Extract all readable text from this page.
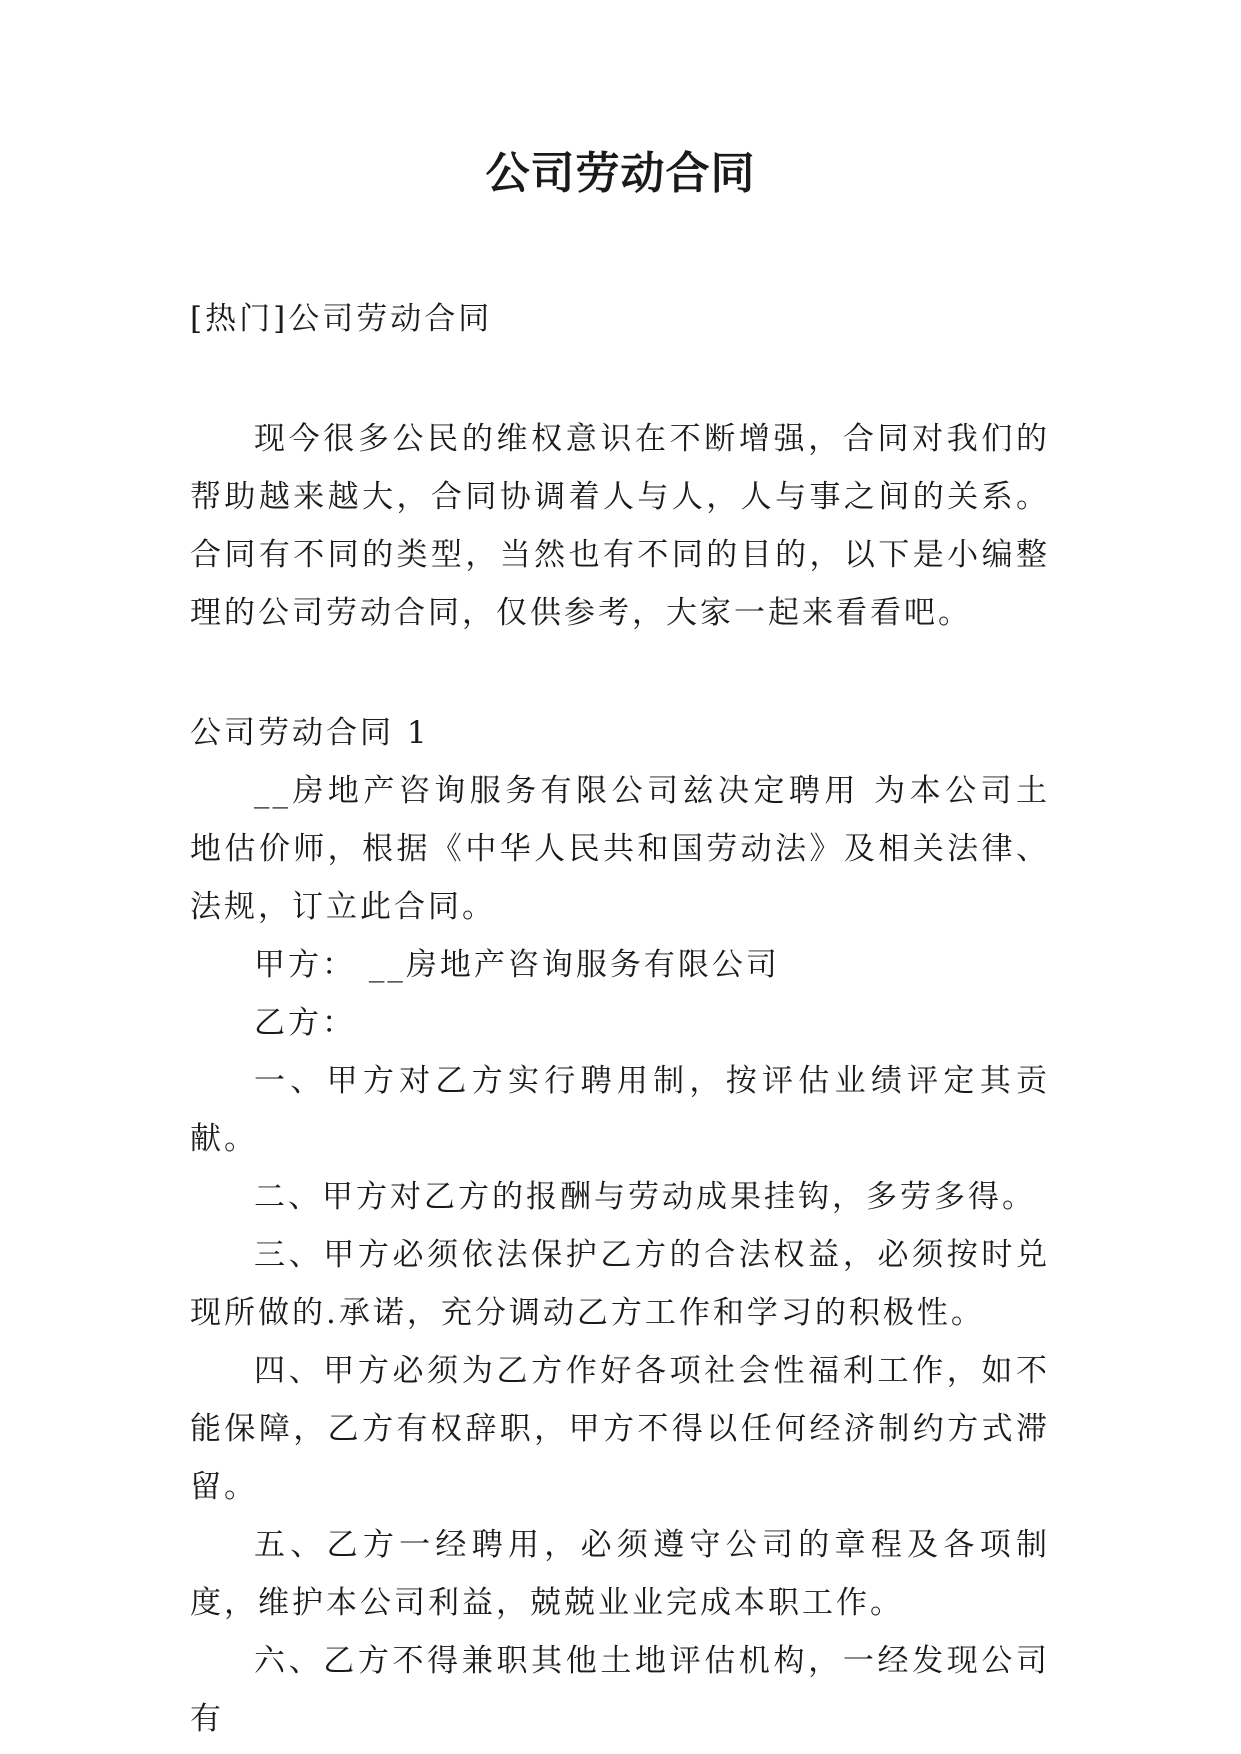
公司劳动合同

[热门]公司劳动合同

现今很多公民的维权意识在不断增强，合同对我们的帮助越来越大，合同协调着人与人，人与事之间的关系。合同有不同的类型，当然也有不同的目的，以下是小编整理的公司劳动合同，仅供参考，大家一起来看看吧。

公司劳动合同 1

__房地产咨询服务有限公司兹决定聘用 为本公司土地估价师，根据《中华人民共和国劳动法》及相关法律、法规，订立此合同。

甲方： __房地产咨询服务有限公司

乙方：

一、甲方对乙方实行聘用制，按评估业绩评定其贡献。

二、甲方对乙方的报酬与劳动成果挂钩，多劳多得。

三、甲方必须依法保护乙方的合法权益，必须按时兑现所做的.承诺，充分调动乙方工作和学习的积极性。

四、甲方必须为乙方作好各项社会性福利工作，如不能保障，乙方有权辞职，甲方不得以任何经济制约方式滞留。

五、乙方一经聘用，必须遵守公司的章程及各项制度，维护本公司利益，兢兢业业完成本职工作。

六、乙方不得兼职其他土地评估机构，一经发现公司有
